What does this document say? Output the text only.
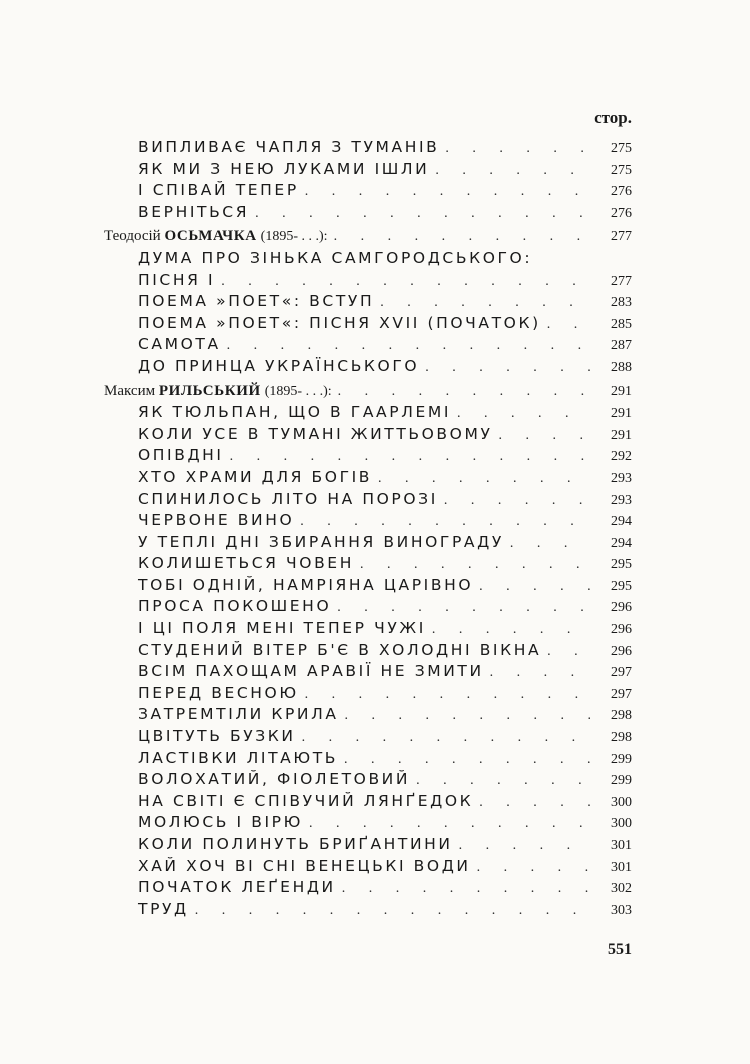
стор.
ВИПЛИВАЄ ЧАПЛЯ З ТУМАНІВ . . .	275
ЯК МИ З НЕЮ ЛУКАМИ ІШЛИ . . .	275
І СПІВАЙ ТЕПЕР . . .	276
ВЕРНІТЬСЯ . . .	276
Теодосій ОСЬМАЧКА (1895- . . .): . . .	277
ДУМА ПРО ЗІНЬКА САМГОРОДСЬКОГО:
ПІСНЯ I . . .	277
ПОЕМА »ПОЕТ«: ВСТУП . . .	283
ПОЕМА »ПОЕТ«: ПІСНЯ XVII (ПОЧАТОК) . . .	285
САМОТА . . .	287
ДО ПРИНЦА УКРАЇНСЬКОГО . . .	288
Максим РИЛЬСЬКИЙ (1895- . . .): . . .	291
ЯК ТЮЛЬПАН, ЩО В ГААРЛЕМІ . . .	291
КОЛИ УСЕ В ТУМАНІ ЖИТТЬОВОМУ . . .	291
ОПІВДНІ . . .	292
ХТО ХРАМИ ДЛЯ БОГІВ . . .	293
СПИНИЛОСЬ ЛІТО НА ПОРОЗІ . . .	293
ЧЕРВОНЕ ВИНО . . .	294
У ТЕПЛІ ДНІ ЗБИРАННЯ ВИНОГРАДУ . . .	294
КОЛИШЕТЬСЯ ЧОВЕН . . .	295
ТОБІ ОДНІЙ, НАМРІЯНА ЦАРІВНО . . .	295
ПРОСА ПОКОШЕНО . . .	296
І ЦІ ПОЛЯ МЕНІ ТЕПЕР ЧУЖІ . . .	296
СТУДЕНИЙ ВІТЕР Б'Є В ХОЛОДНІ ВІКНА . . .	296
ВСІМ ПАХОЩАМ АРАВІЇ НЕ ЗМИТИ . . .	297
ПЕРЕД ВЕСНОЮ . . .	297
ЗАТРЕМТІЛИ КРИЛА . . .	298
ЦВІТУТЬ БУЗКИ . . .	298
ЛАСТІВКИ ЛІТАЮТЬ . . .	299
ВОЛОХАТИЙ, ФІОЛЕТОВИЙ . . .	299
НА СВІТІ Є СПІВУЧИЙ ЛЯНҐЕДОК . . .	300
МОЛЮСЬ І ВІРЮ . . .	300
КОЛИ ПОЛИНУТЬ БРИҐАНТИНИ . . .	301
ХАЙ ХОЧ ВІ СНІ ВЕНЕЦЬКІ ВОДИ . . .	301
ПОЧАТОК ЛЕҐЕНДИ . . .	302
ТРУД . . .	303
551
